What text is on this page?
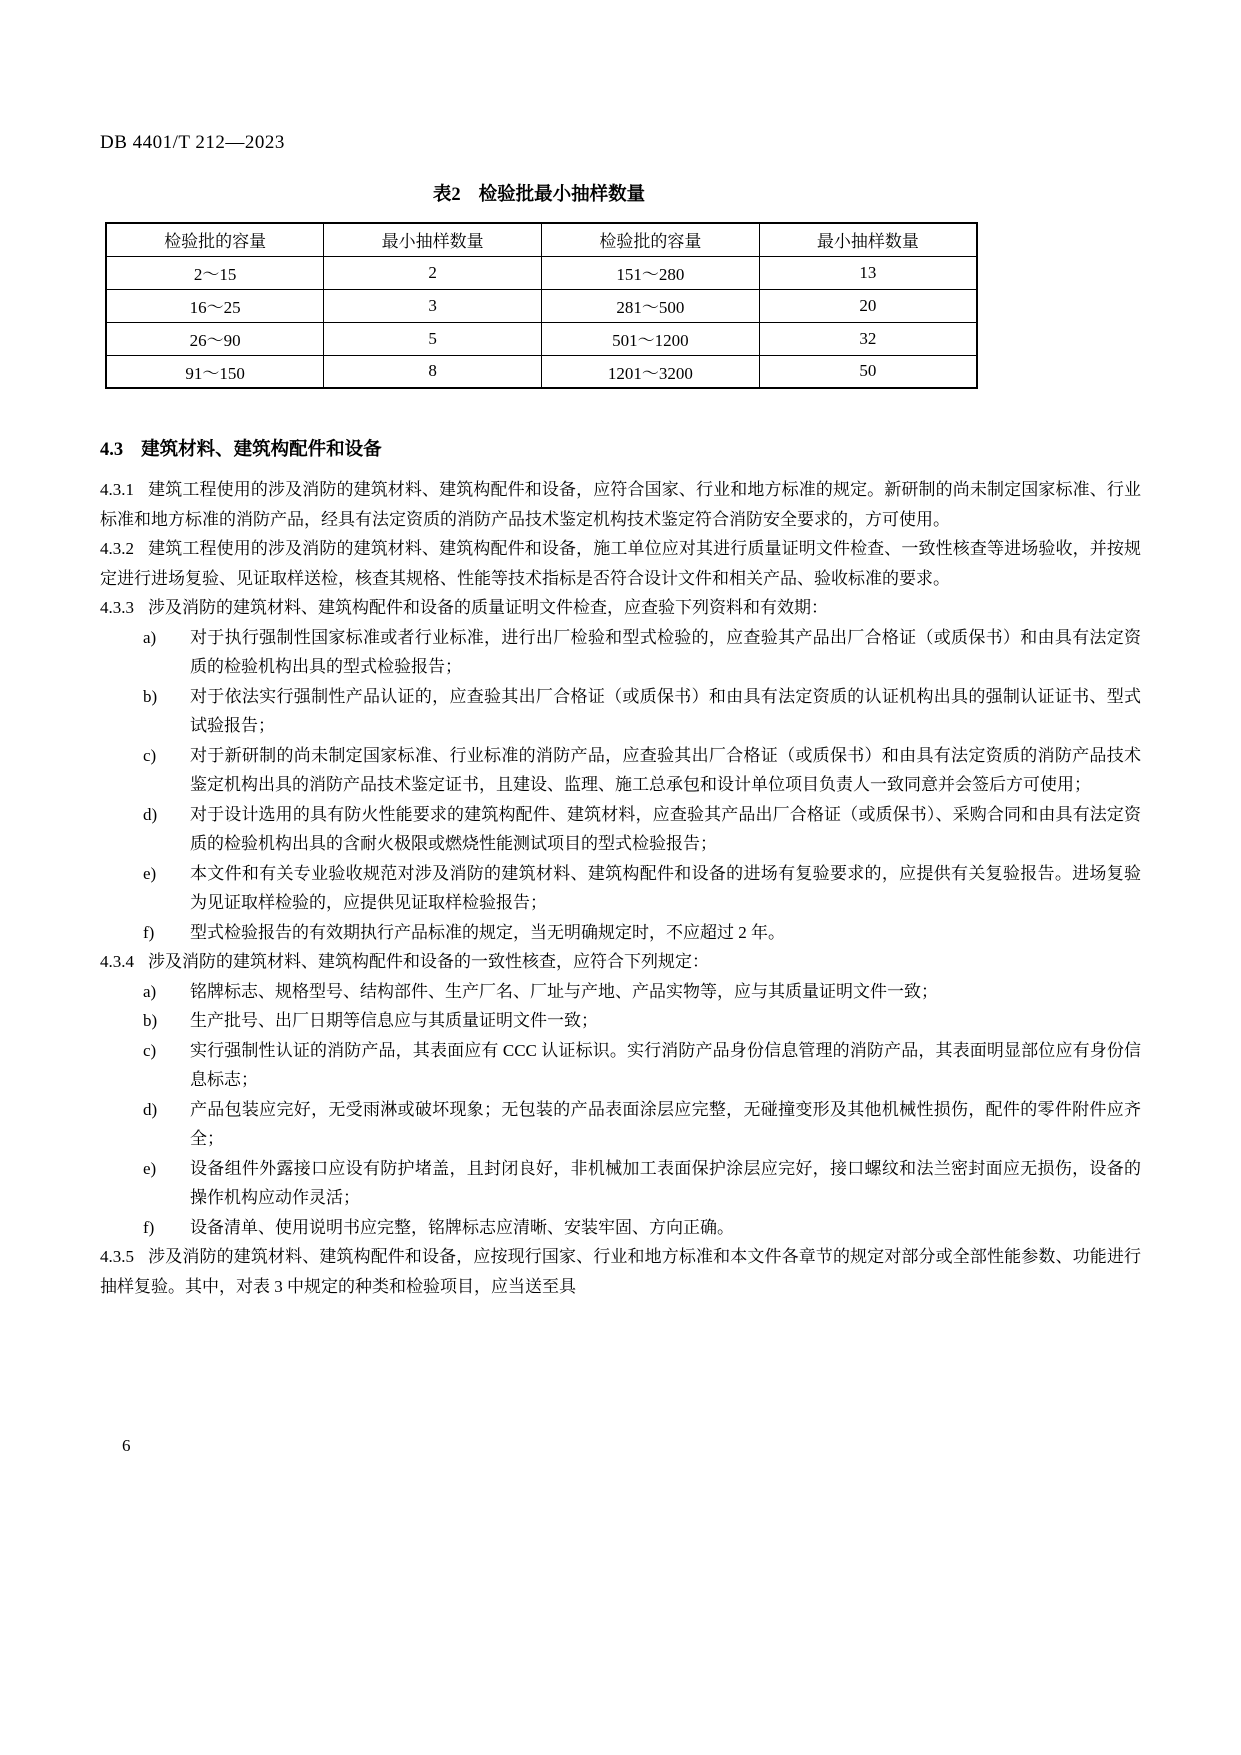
DB 4401/T 212—2023
表2 检验批最小抽样数量
检验批的容量	最小抽样数量	检验批的容量	最小抽样数量
2～15	2	151～280	13
16～25	3	281～500	20
26～90	5	501～1200	32
91～150	8	1201～3200	50
4.3 建筑材料、建筑构配件和设备

4.3.1 建筑工程使用的涉及消防的建筑材料、建筑构配件和设备，应符合国家、行业和地方标准的规定。新研制的尚未制定国家标准、行业标准和地方标准的消防产品，经具有法定资质的消防产品技术鉴定机构技术鉴定符合消防安全要求的，方可使用。

4.3.2 建筑工程使用的涉及消防的建筑材料、建筑构配件和设备，施工单位应对其进行质量证明文件检查、一致性核查等进场验收，并按规定进行进场复验、见证取样送检，核查其规格、性能等技术指标是否符合设计文件和相关产品、验收标准的要求。

4.3.3 涉及消防的建筑材料、建筑构配件和设备的质量证明文件检查，应查验下列资料和有效期：

a)	对于执行强制性国家标准或者行业标准，进行出厂检验和型式检验的，应查验其产品出厂合格证（或质保书）和由具有法定资质的检验机构出具的型式检验报告；
b)	对于依法实行强制性产品认证的，应查验其出厂合格证（或质保书）和由具有法定资质的认证机构出具的强制认证证书、型式试验报告；
c)	对于新研制的尚未制定国家标准、行业标准的消防产品，应查验其出厂合格证（或质保书）和由具有法定资质的消防产品技术鉴定机构出具的消防产品技术鉴定证书，且建设、监理、施工总承包和设计单位项目负责人一致同意并会签后方可使用；
d)	对于设计选用的具有防火性能要求的建筑构配件、建筑材料，应查验其产品出厂合格证（或质保书）、采购合同和由具有法定资质的检验机构出具的含耐火极限或燃烧性能测试项目的型式检验报告；
e)	本文件和有关专业验收规范对涉及消防的建筑材料、建筑构配件和设备的进场有复验要求的，应提供有关复验报告。进场复验为见证取样检验的，应提供见证取样检验报告；
f)	型式检验报告的有效期执行产品标准的规定，当无明确规定时，不应超过 2 年。

4.3.4 涉及消防的建筑材料、建筑构配件和设备的一致性核查，应符合下列规定：

a)	铭牌标志、规格型号、结构部件、生产厂名、厂址与产地、产品实物等，应与其质量证明文件一致；
b)	生产批号、出厂日期等信息应与其质量证明文件一致；
c)	实行强制性认证的消防产品，其表面应有 CCC 认证标识。实行消防产品身份信息管理的消防产品，其表面明显部位应有身份信息标志；
d)	产品包装应完好，无受雨淋或破坏现象；无包装的产品表面涂层应完整，无碰撞变形及其他机械性损伤，配件的零件附件应齐全；
e)	设备组件外露接口应设有防护堵盖，且封闭良好，非机械加工表面保护涂层应完好，接口螺纹和法兰密封面应无损伤，设备的操作机构应动作灵活；
f)	设备清单、使用说明书应完整，铭牌标志应清晰、安装牢固、方向正确。

4.3.5 涉及消防的建筑材料、建筑构配件和设备，应按现行国家、行业和地方标准和本文件各章节的规定对部分或全部性能参数、功能进行抽样复验。其中，对表 3 中规定的种类和检验项目，应当送至具

6
